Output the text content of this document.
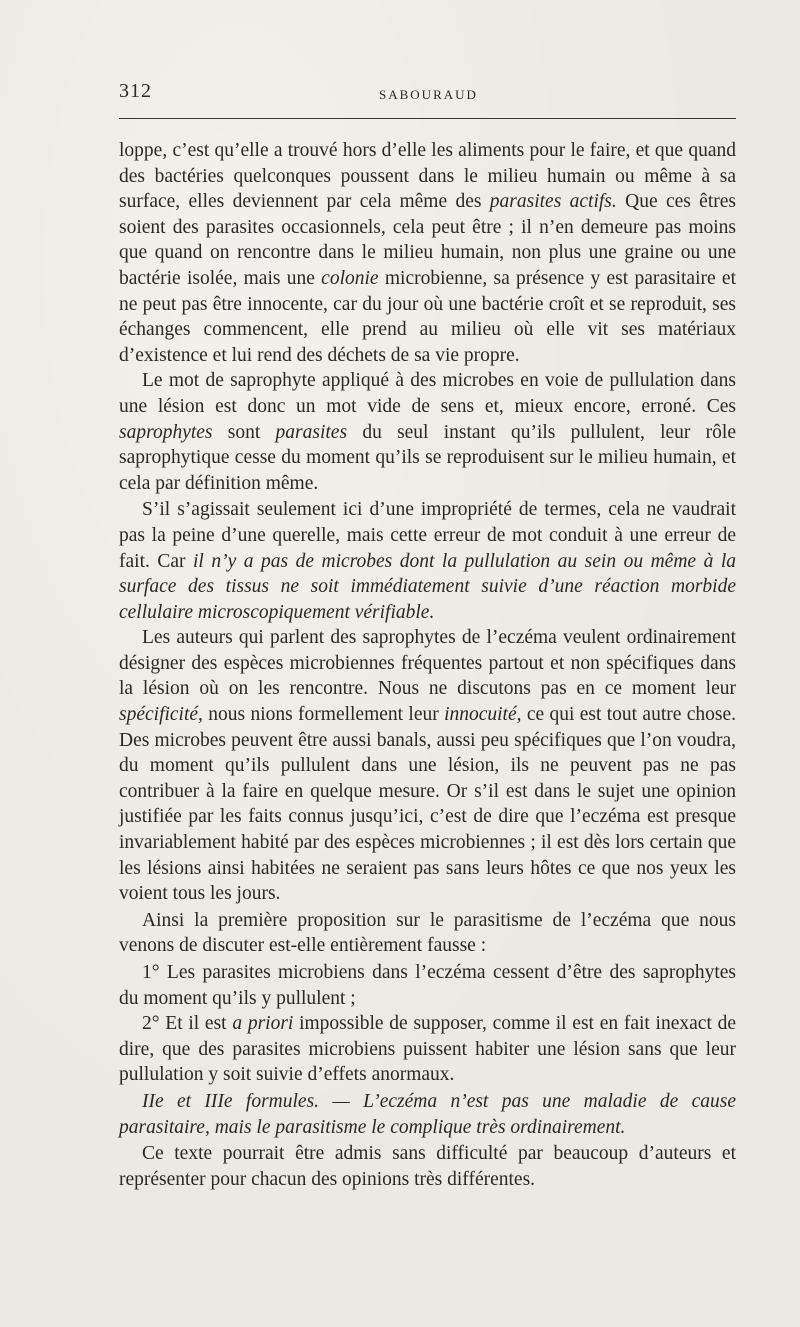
312	SABOURAUD

loppe, c’est qu’elle a trouvé hors d’elle les aliments pour le faire, et que quand des bactéries quelconques poussent dans le milieu humain ou même à sa surface, elles deviennent par cela même des parasites actifs. Que ces êtres soient des parasites occasionnels, cela peut être ; il n’en demeure pas moins que quand on rencontre dans le milieu humain, non plus une graine ou une bactérie isolée, mais une colonie microbienne, sa présence y est parasitaire et ne peut pas être innocente, car du jour où une bactérie croît et se reproduit, ses échanges commencent, elle prend au milieu où elle vit ses matériaux d’existence et lui rend des déchets de sa vie propre.

Le mot de saprophyte appliqué à des microbes en voie de pullulation dans une lésion est donc un mot vide de sens et, mieux encore, erroné. Ces saprophytes sont parasites du seul instant qu’ils pullulent, leur rôle saprophytique cesse du moment qu’ils se reproduisent sur le milieu humain, et cela par définition même.

S’il s’agissait seulement ici d’une impropriété de termes, cela ne vaudrait pas la peine d’une querelle, mais cette erreur de mot conduit à une erreur de fait. Car il n’y a pas de microbes dont la pullulation au sein ou même à la surface des tissus ne soit immédiatement suivie d’une réaction morbide cellulaire microscopiquement vérifiable.

Les auteurs qui parlent des saprophytes de l’eczéma veulent ordinairement désigner des espèces microbiennes fréquentes partout et non spécifiques dans la lésion où on les rencontre. Nous ne discutons pas en ce moment leur spécificité, nous nions formellement leur innocuité, ce qui est tout autre chose. Des microbes peuvent être aussi banals, aussi peu spécifiques que l’on voudra, du moment qu’ils pullulent dans une lésion, ils ne peuvent pas ne pas contribuer à la faire en quelque mesure. Or s’il est dans le sujet une opinion justifiée par les faits connus jusqu’ici, c’est de dire que l’eczéma est presque invariablement habité par des espèces microbiennes ; il est dès lors certain que les lésions ainsi habitées ne seraient pas sans leurs hôtes ce que nos yeux les voient tous les jours.

Ainsi la première proposition sur le parasitisme de l’eczéma que nous venons de discuter est-elle entièrement fausse :

1° Les parasites microbiens dans l’eczéma cessent d’être des saprophytes du moment qu’ils y pullulent ;

2° Et il est a priori impossible de supposer, comme il est en fait inexact de dire, que des parasites microbiens puissent habiter une lésion sans que leur pullulation y soit suivie d’effets anormaux.

IIe et IIIe formules. — L’eczéma n’est pas une maladie de cause parasitaire, mais le parasitisme le complique très ordinairement.

Ce texte pourrait être admis sans difficulté par beaucoup d’auteurs et représenter pour chacun des opinions très différentes.
